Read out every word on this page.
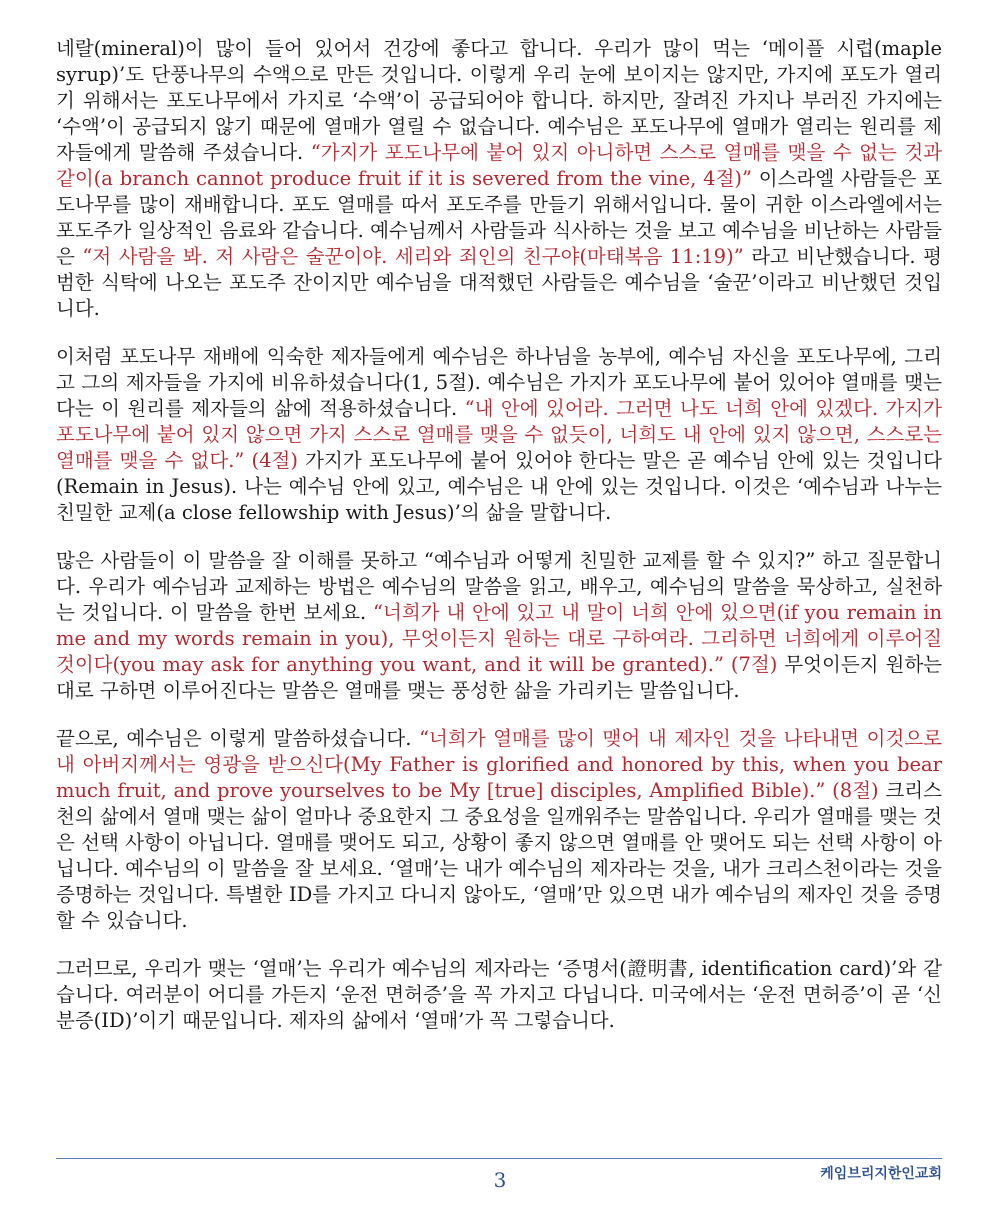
네랄(mineral)이 많이 들어 있어서 건강에 좋다고 합니다. 우리가 많이 먹는 ‘메이플 시럽(maple syrup)’도 단풍나무의 수액으로 만든 것입니다. 이렇게 우리 눈에 보이지는 않지만, 가지에 포도가 열리기 위해서는 포도나무에서 가지로 ‘수액’이 공급되어야 합니다. 하지만, 잘려진 가지나 부러진 가지에는 ‘수액’이 공급되지 않기 때문에 열매가 열릴 수 없습니다. 예수님은 포도나무에 열매가 열리는 원리를 제자들에게 말씀해 주셨습니다. “가지가 포도나무에 붙어 있지 아니하면 스스로 열매를 맺을 수 없는 것과 같이(a branch cannot produce fruit if it is severed from the vine, 4절)” 이스라엘 사람들은 포도나무를 많이 재배합니다. 포도 열매를 따서 포도주를 만들기 위해서입니다. 물이 귀한 이스라엘에서는 포도주가 일상적인 음료와 같습니다. 예수님께서 사람들과 식사하는 것을 보고 예수님을 비난하는 사람들은 “저 사람을 봐. 저 사람은 술꾼이야. 세리와 죄인의 친구야(마태복음 11:19)” 라고 비난했습니다. 평범한 식탁에 나오는 포도주 잔이지만 예수님을 대적했던 사람들은 예수님을 ‘술꾼’이라고 비난했던 것입니다.

이처럼 포도나무 재배에 익숙한 제자들에게 예수님은 하나님을 농부에, 예수님 자신을 포도나무에, 그리고 그의 제자들을 가지에 비유하셨습니다(1, 5절). 예수님은 가지가 포도나무에 붙어 있어야 열매를 맺는다는 이 원리를 제자들의 삶에 적용하셨습니다. “내 안에 있어라. 그러면 나도 너희 안에 있겠다. 가지가 포도나무에 붙어 있지 않으면 가지 스스로 열매를 맺을 수 없듯이, 너희도 내 안에 있지 않으면, 스스로는 열매를 맺을 수 없다.” (4절) 가지가 포도나무에 붙어 있어야 한다는 말은 곧 예수님 안에 있는 것입니다(Remain in Jesus). 나는 예수님 안에 있고, 예수님은 내 안에 있는 것입니다. 이것은 ‘예수님과 나누는 친밀한 교제(a close fellowship with Jesus)’의 삶을 말합니다.

많은 사람들이 이 말씀을 잘 이해를 못하고 “예수님과 어떻게 친밀한 교제를 할 수 있지?” 하고 질문합니다. 우리가 예수님과 교제하는 방법은 예수님의 말씀을 읽고, 배우고, 예수님의 말씀을 묵상하고, 실천하는 것입니다. 이 말씀을 한번 보세요. “너희가 내 안에 있고 내 말이 너희 안에 있으면(if you remain in me and my words remain in you), 무엇이든지 원하는 대로 구하여라. 그리하면 너희에게 이루어질 것이다(you may ask for anything you want, and it will be granted).” (7절) 무엇이든지 원하는 대로 구하면 이루어진다는 말씀은 열매를 맺는 풍성한 삶을 가리키는 말씀입니다.

끝으로, 예수님은 이렇게 말씀하셨습니다. “너희가 열매를 많이 맺어 내 제자인 것을 나타내면 이것으로 내 아버지께서는 영광을 받으신다(My Father is glorified and honored by this, when you bear much fruit, and prove yourselves to be My [true] disciples, Amplified Bible).” (8절) 크리스천의 삶에서 열매 맺는 삶이 얼마나 중요한지 그 중요성을 일깨워주는 말씀입니다. 우리가 열매를 맺는 것은 선택 사항이 아닙니다. 열매를 맺어도 되고, 상황이 좋지 않으면 열매를 안 맺어도 되는 선택 사항이 아닙니다. 예수님의 이 말씀을 잘 보세요. ‘열매’는 내가 예수님의 제자라는 것을, 내가 크리스천이라는 것을 증명하는 것입니다. 특별한 ID를 가지고 다니지 않아도, ‘열매’만 있으면 내가 예수님의 제자인 것을 증명할 수 있습니다.

그러므로, 우리가 맺는 ‘열매’는 우리가 예수님의 제자라는 ‘증명서(證明書, identification card)’와 같습니다. 여러분이 어디를 가든지 ‘운전 면허증’을 꼭 가지고 다닙니다. 미국에서는 ‘운전 면허증’이 곧 ‘신분증(ID)’이기 때문입니다. 제자의 삶에서 ‘열매’가 꼭 그렇습니다.

3	케임브리지한인교회
